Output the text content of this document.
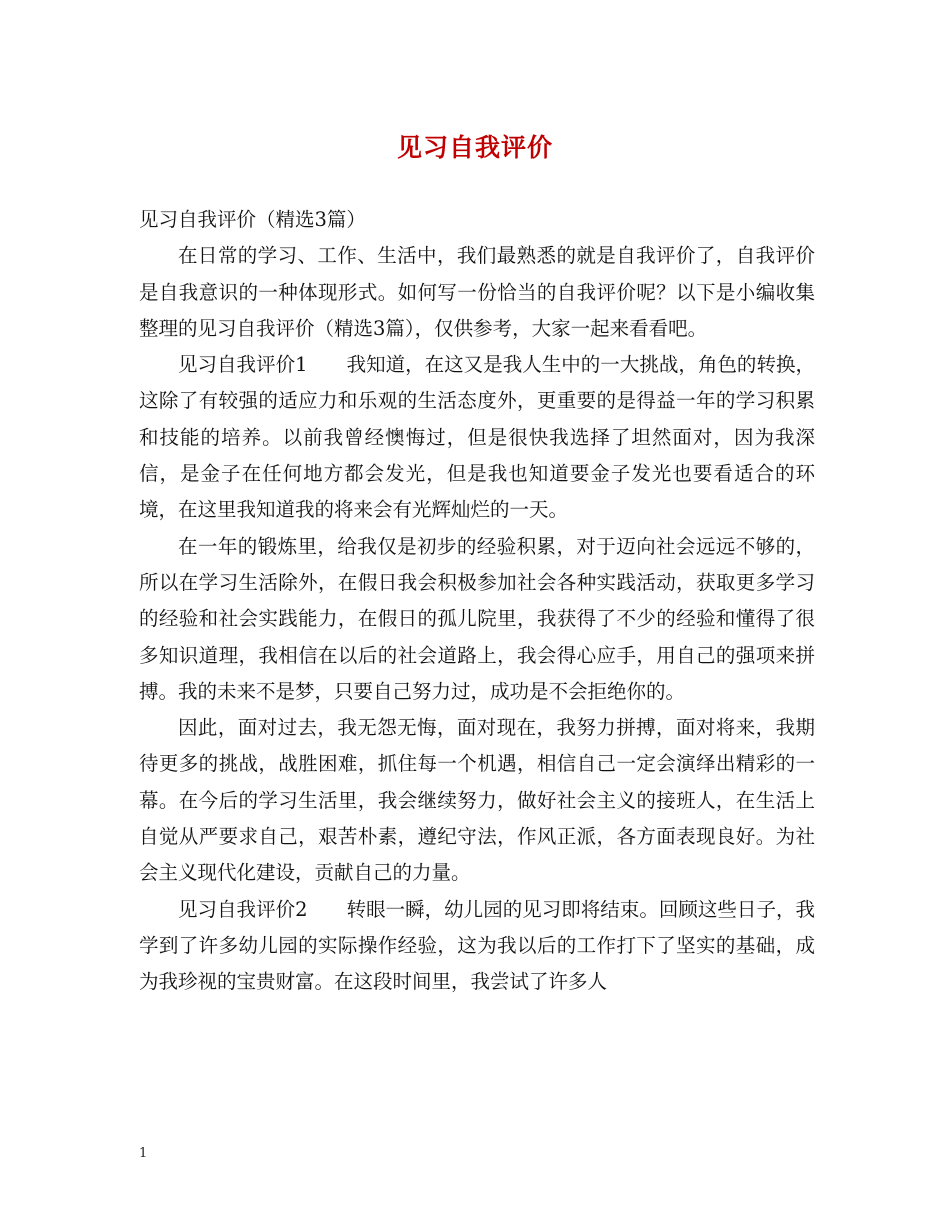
见习自我评价

见习自我评价（精选3篇）

在日常的学习、工作、生活中，我们最熟悉的就是自我评价了，自我评价是自我意识的一种体现形式。如何写一份恰当的自我评价呢？以下是小编收集整理的见习自我评价（精选3篇），仅供参考，大家一起来看看吧。

见习自我评价1　　我知道，在这又是我人生中的一大挑战，角色的转换，这除了有较强的适应力和乐观的生活态度外，更重要的是得益一年的学习积累和技能的培养。以前我曾经懊悔过，但是很快我选择了坦然面对，因为我深信，是金子在任何地方都会发光，但是我也知道要金子发光也要看适合的环境，在这里我知道我的将来会有光辉灿烂的一天。

在一年的锻炼里，给我仅是初步的经验积累，对于迈向社会远远不够的，所以在学习生活除外，在假日我会积极参加社会各种实践活动，获取更多学习的经验和社会实践能力，在假日的孤儿院里，我获得了不少的经验和懂得了很多知识道理，我相信在以后的社会道路上，我会得心应手，用自己的强项来拼搏。我的未来不是梦，只要自己努力过，成功是不会拒绝你的。

因此，面对过去，我无怨无悔，面对现在，我努力拼搏，面对将来，我期待更多的挑战，战胜困难，抓住每一个机遇，相信自己一定会演绎出精彩的一幕。在今后的学习生活里，我会继续努力，做好社会主义的接班人，在生活上自觉从严要求自己，艰苦朴素，遵纪守法，作风正派，各方面表现良好。为社会主义现代化建设，贡献自己的力量。

见习自我评价2　　转眼一瞬，幼儿园的见习即将结束。回顾这些日子，我学到了许多幼儿园的实际操作经验，这为我以后的工作打下了坚实的基础，成为我珍视的宝贵财富。在这段时间里，我尝试了许多人

1
